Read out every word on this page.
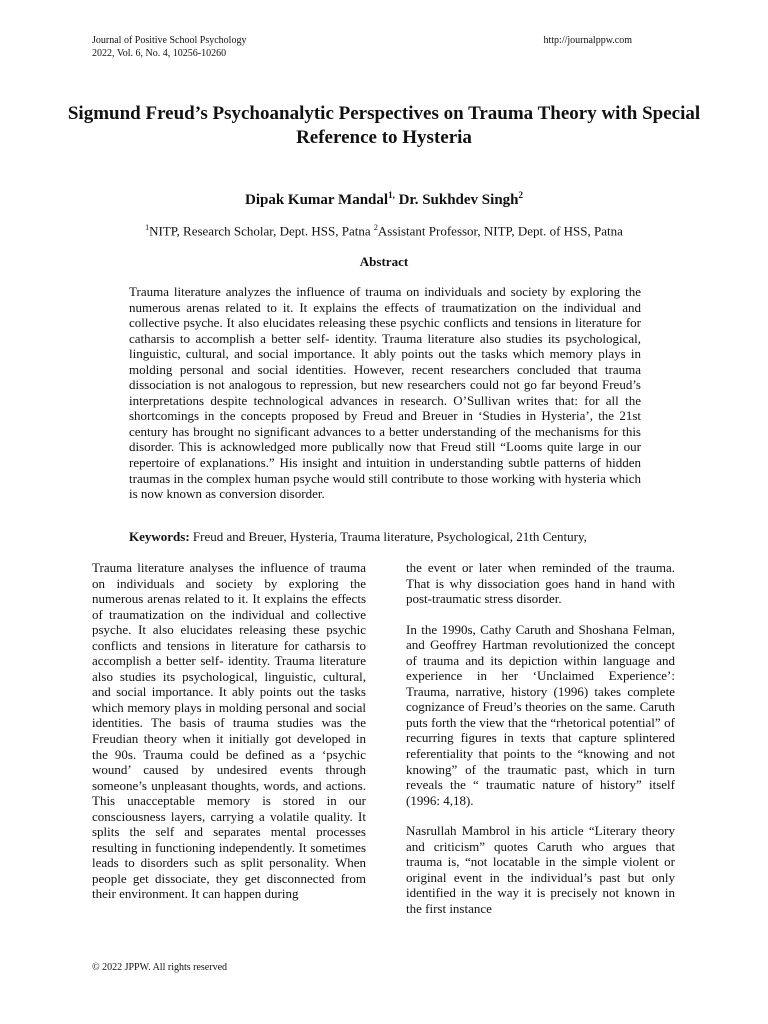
Journal of Positive School Psychology
2022, Vol. 6, No. 4, 10256-10260
http://journalppw.com
Sigmund Freud’s Psychoanalytic Perspectives on Trauma Theory with Special Reference to Hysteria
Dipak Kumar Mandal$^{1,}$ Dr. Sukhdev Singh$^2$
$^1$NITP, Research Scholar, Dept. HSS, Patna $^2$Assistant Professor, NITP, Dept. of HSS, Patna
Abstract

Trauma literature analyzes the influence of trauma on individuals and society by exploring the numerous arenas related to it. It explains the effects of traumatization on the individual and collective psyche. It also elucidates releasing these psychic conflicts and tensions in literature for catharsis to accomplish a better self- identity. Trauma literature also studies its psychological, linguistic, cultural, and social importance. It ably points out the tasks which memory plays in molding personal and social identities. However, recent researchers concluded that trauma dissociation is not analogous to repression, but new researchers could not go far beyond Freud’s interpretations despite technological advances in research. O’Sullivan writes that: for all the shortcomings in the concepts proposed by Freud and Breuer in ‘Studies in Hysteria’, the 21st century has brought no significant advances to a better understanding of the mechanisms for this disorder. This is acknowledged more publically now that Freud still “Looms quite large in our repertoire of explanations.” His insight and intuition in understanding subtle patterns of hidden traumas in the complex human psyche would still contribute to those working with hysteria which is now known as conversion disorder.

Keywords: Freud and Breuer, Hysteria, Trauma literature, Psychological, 21th Century,

Trauma literature analyses the influence of trauma on individuals and society by exploring the numerous arenas related to it. It explains the effects of traumatization on the individual and collective psyche. It also elucidates releasing these psychic conflicts and tensions in literature for catharsis to accomplish a better self- identity. Trauma literature also studies its psychological, linguistic, cultural, and social importance. It ably points out the tasks which memory plays in molding personal and social identities. The basis of trauma studies was the Freudian theory when it initially got developed in the 90s. Trauma could be defined as a ‘psychic wound’ caused by undesired events through someone’s unpleasant thoughts, words, and actions. This unacceptable memory is stored in our consciousness layers, carrying a volatile quality. It splits the self and separates mental processes resulting in functioning independently. It sometimes leads to disorders such as split personality. When people get dissociate, they get disconnected from their environment. It can happen during

the event or later when reminded of the trauma. That is why dissociation goes hand in hand with post-traumatic stress disorder.

In the 1990s, Cathy Caruth and Shoshana Felman, and Geoffrey Hartman revolutionized the concept of trauma and its depiction within language and experience in her ‘Unclaimed Experience’: Trauma, narrative, history (1996) takes complete cognizance of Freud’s theories on the same. Caruth puts forth the view that the “rhetorical potential” of recurring figures in texts that capture splintered referentiality that points to the “knowing and not knowing” of the traumatic past, which in turn reveals the “ traumatic nature of history” itself (1996: 4,18).

Nasrullah Mambrol in his article “Literary theory and criticism” quotes Caruth who argues that trauma is, “not locatable in the simple violent or original event in the individual’s past but only identified in the way it is precisely not known in the first instance

© 2022 JPPW. All rights reserved
